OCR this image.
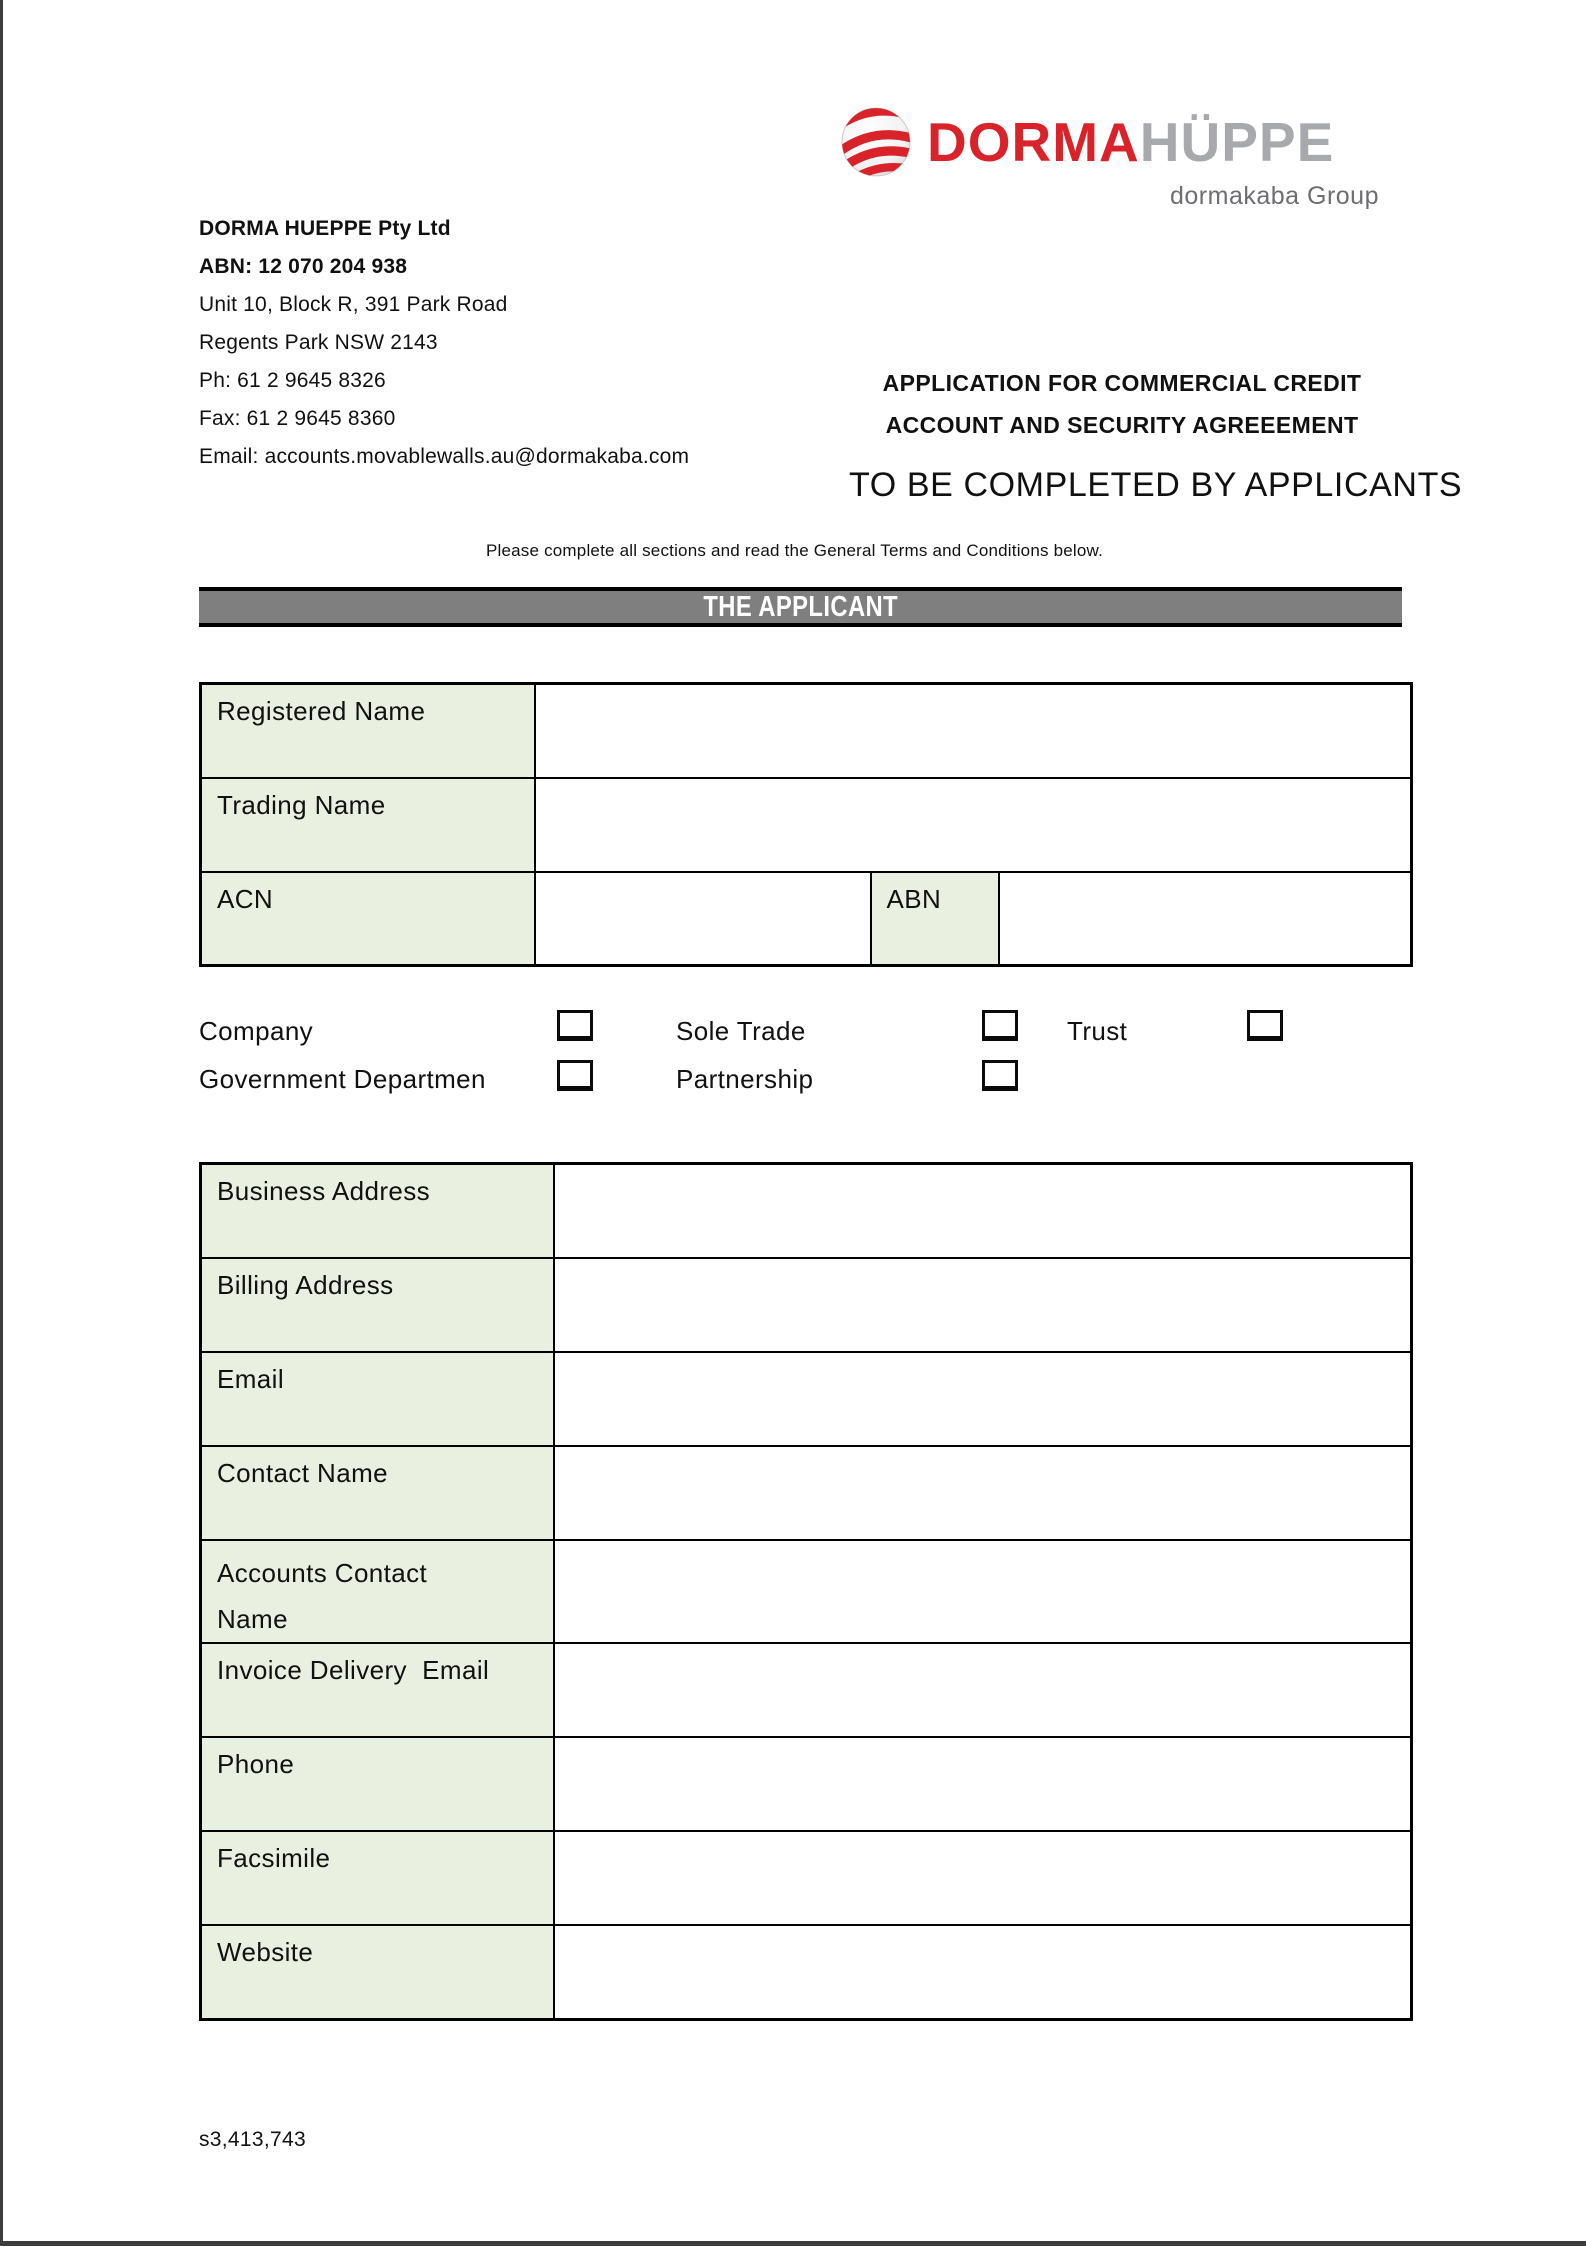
DORMA HÜPPE
dormakaba Group
DORMA HUEPPE Pty Ltd
ABN: 12 070 204 938
Unit 10, Block R, 391 Park Road
Regents Park NSW 2143
Ph: 61 2 9645 8326
Fax: 61 2 9645 8360
Email: accounts.movablewalls.au@dormakaba.com
APPLICATION FOR COMMERCIAL CREDIT
ACCOUNT AND SECURITY AGREEEMENT
TO BE COMPLETED BY APPLICANTS
Please complete all sections and read the General Terms and Conditions below.
THE APPLICANT
Registered Name			
Trading Name			
ACN		ABN	
Company	Sole Trade	Trust
Government Departmen	Partnership
Business Address	
Billing Address	
Email	
Contact Name	
Accounts Contact Name	
Invoice Delivery  Email	
Phone	
Facsimile	
Website	
s3,413,743
